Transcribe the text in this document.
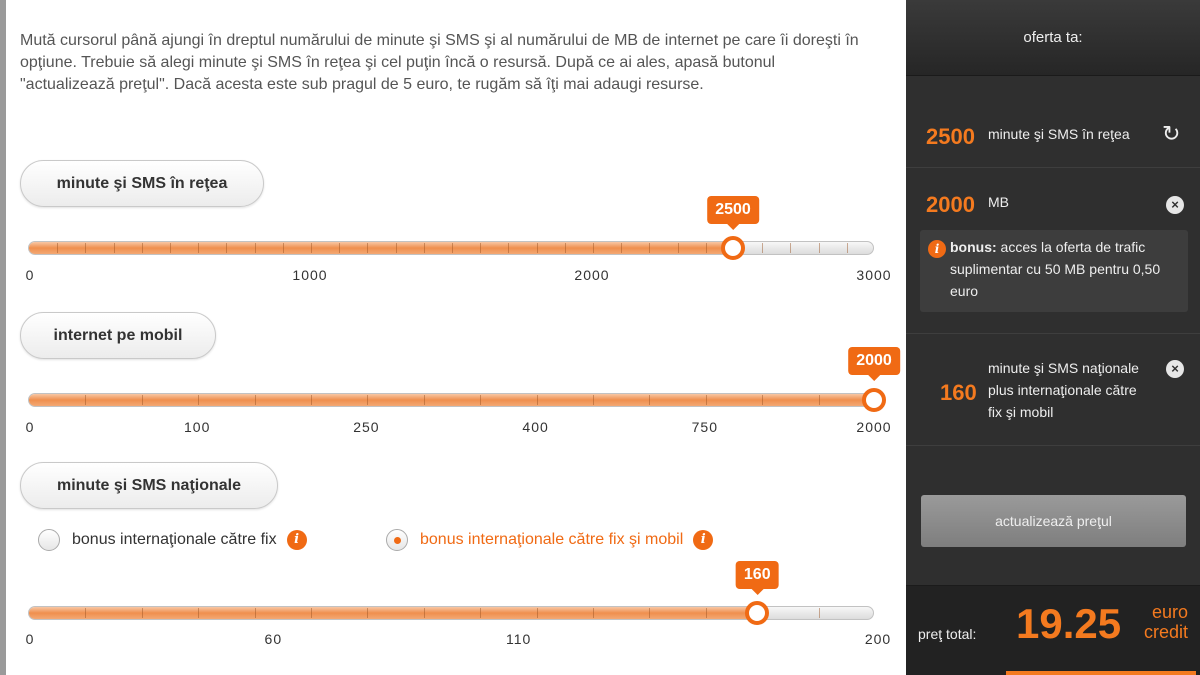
Mută cursorul până ajungi în dreptul numărului de minute şi SMS şi al numărului de MB de internet pe care îi doreşti în opţiune. Trebuie să alegi minute şi SMS în reţea şi cel puţin încă o resursă. După ce ai ales, apasă butonul "actualizează preţul". Dacă acesta este sub pragul de 5 euro, te rugăm să îţi mai adaugi resurse.

minute şi SMS în reţea
2500
0	1000	2000	3000
internet pe mobil
2000
0	100	250	400	750	2000
minute şi SMS naţionale
bonus internaţionale către fix	i	bonus internaţionale către fix şi mobil	i
160
0	60	110	200
oferta ta:
2500 minute şi SMS în reţea ↻
2000 MB	×
i bonus: acces la oferta de trafic suplimentar cu 50 MB pentru 0,50 euro
160
minute şi SMS naţionale
plus internaţionale către
fix şi mobil
×
actualizează preţul
preţ total: 19.25	euro
credit
